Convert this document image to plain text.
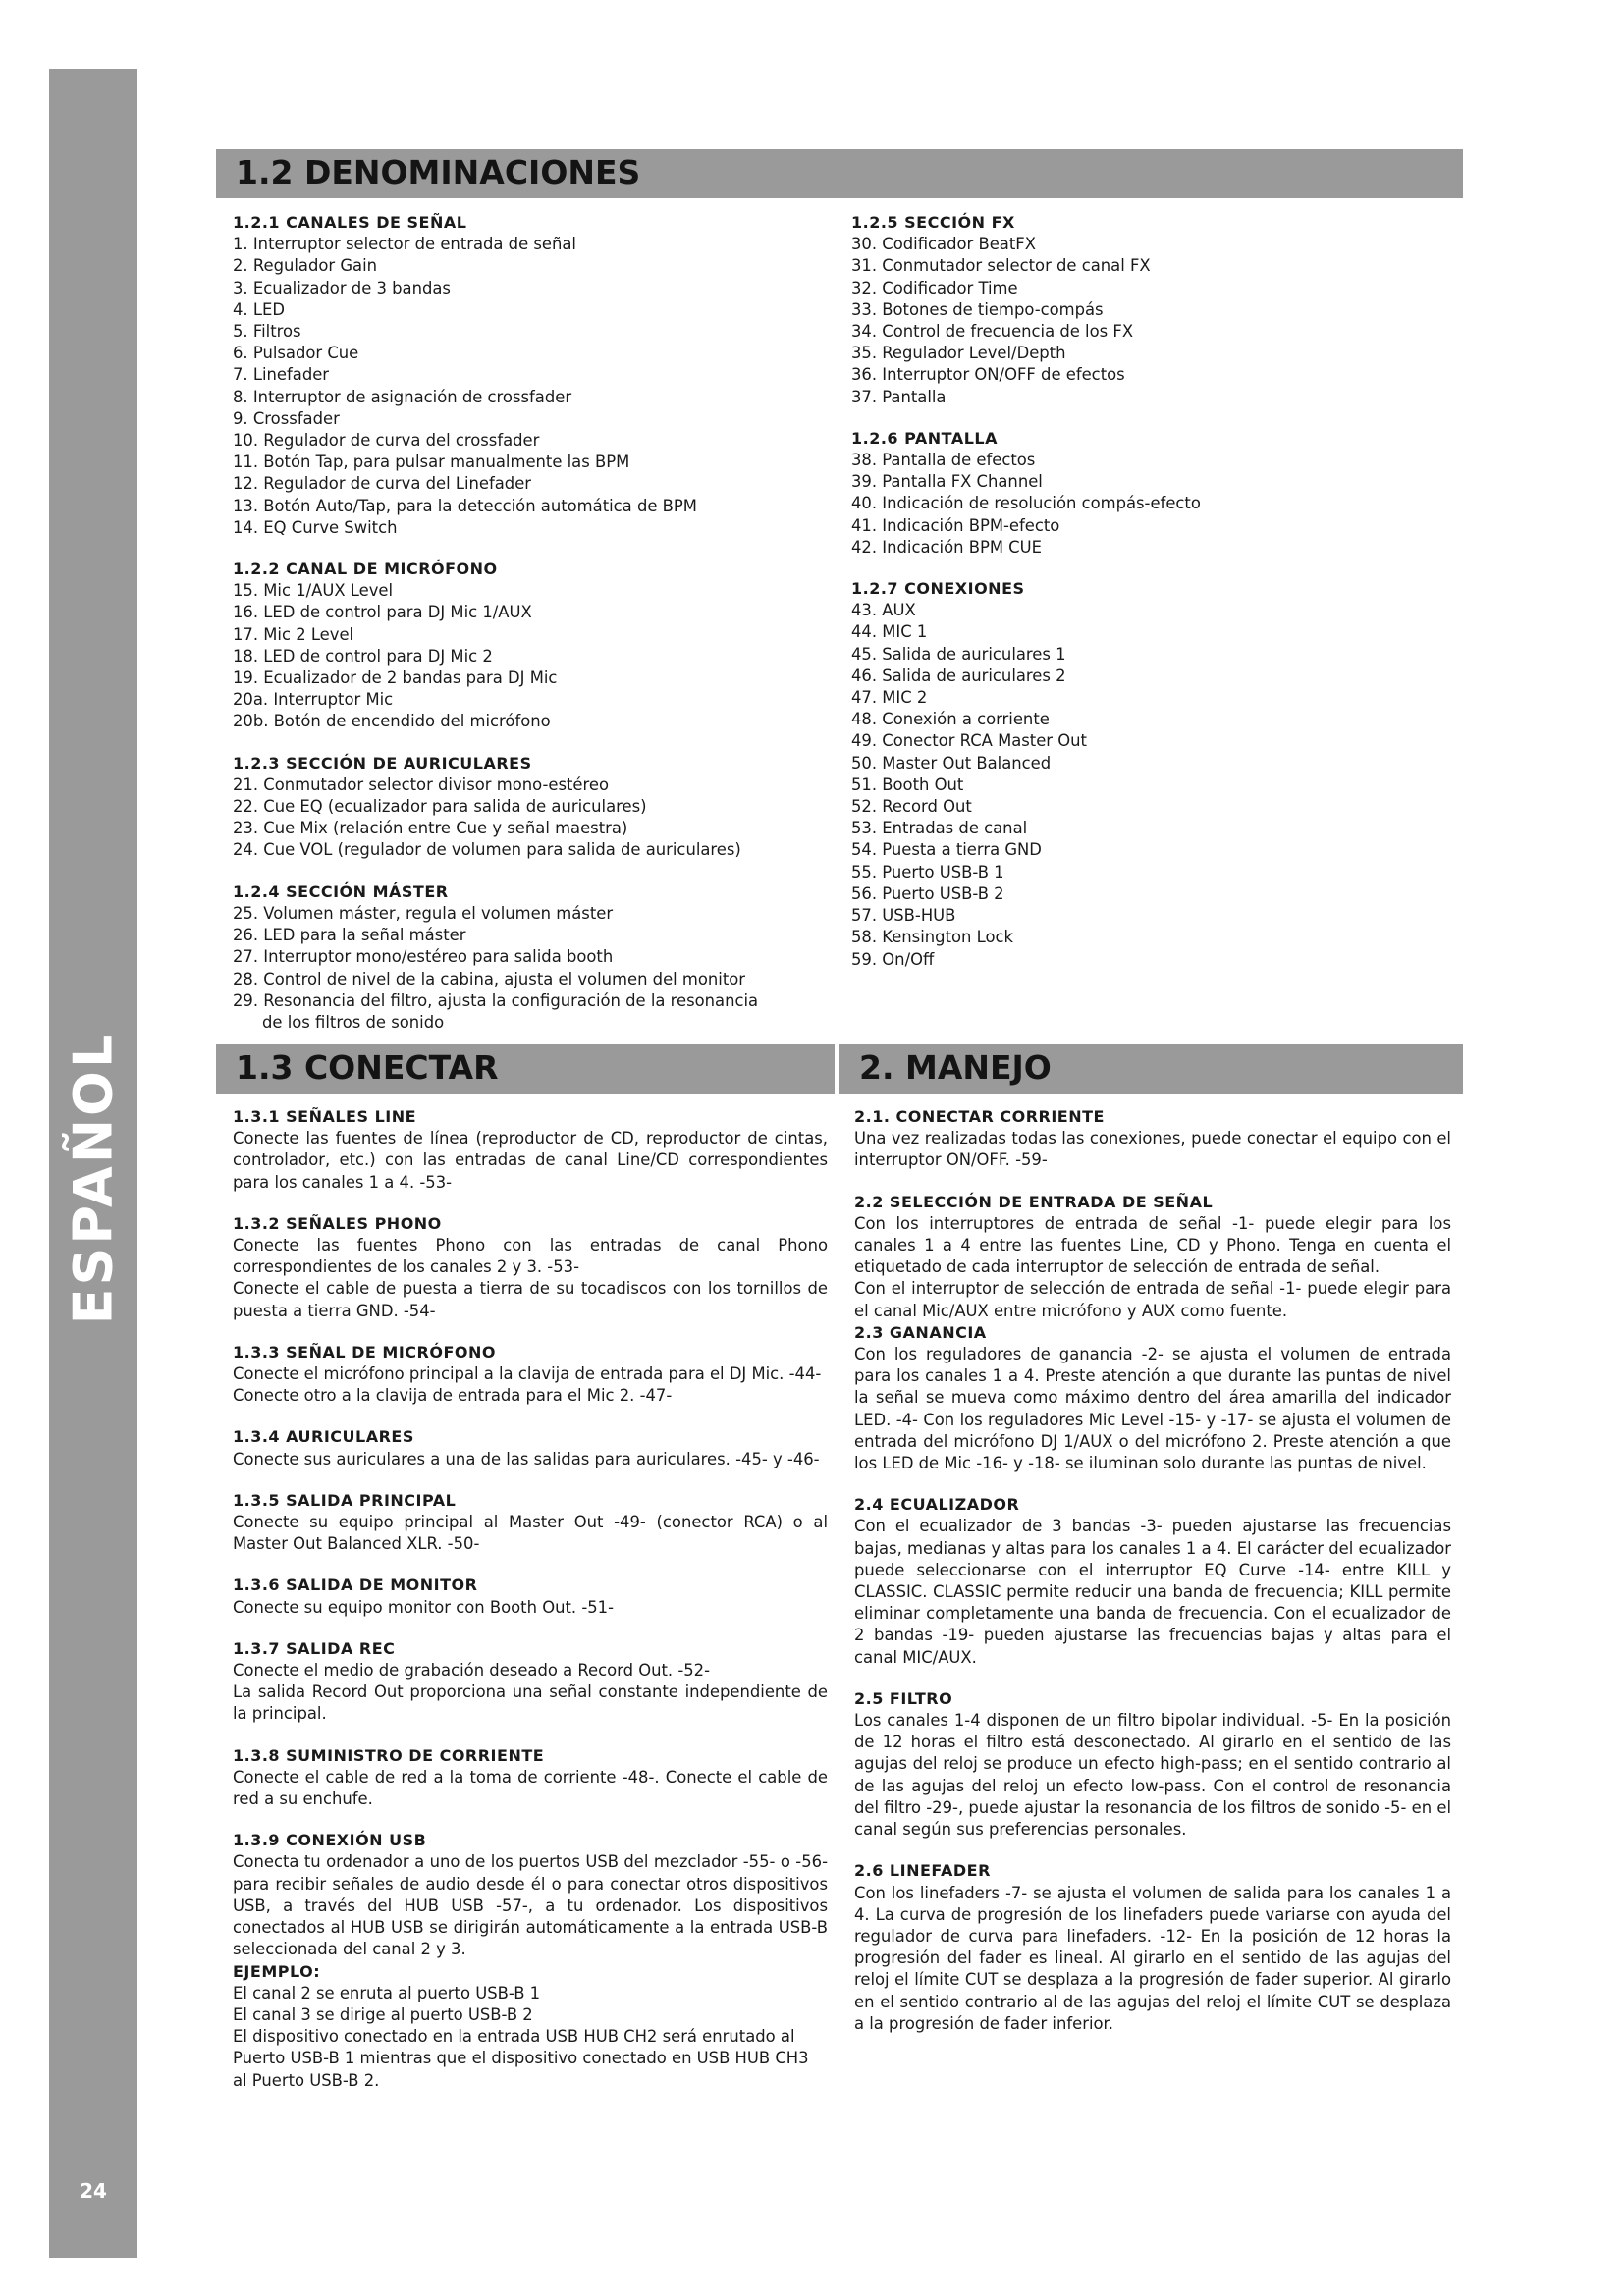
ESPAÑOL
24
1.2 DENOMINACIONES
1.2.1 CANALES DE SEÑAL
1. Interruptor selector de entrada de señal
2. Regulador Gain
3. Ecualizador de 3 bandas
4. LED
5. Filtros
6. Pulsador Cue
7. Linefader
8. Interruptor de asignación de crossfader
9. Crossfader
10. Regulador de curva del crossfader
11. Botón Tap, para pulsar manualmente las BPM
12. Regulador de curva del Linefader
13. Botón Auto/Tap, para la detección automática de BPM
14. EQ Curve Switch
1.2.2 CANAL DE MICRÓFONO
15. Mic 1/AUX Level
16. LED de control para DJ Mic 1/AUX
17. Mic 2 Level
18. LED de control para DJ Mic 2
19. Ecualizador de 2 bandas para DJ Mic
20a. Interruptor Mic
20b. Botón de encendido del micrófono
1.2.3 SECCIÓN DE AURICULARES
21. Conmutador selector divisor mono-estéreo
22. Cue EQ (ecualizador para salida de auriculares)
23. Cue Mix (relación entre Cue y señal maestra)
24. Cue VOL (regulador de volumen para salida de auriculares)
1.2.4 SECCIÓN MÁSTER
25. Volumen máster, regula el volumen máster
26. LED para la señal máster
27. Interruptor mono/estéreo para salida booth
28. Control de nivel de la cabina, ajusta el volumen del monitor
29. Resonancia del filtro, ajusta la configuración de la resonancia
de los filtros de sonido
1.2.5 SECCIÓN FX
30. Codificador BeatFX
31. Conmutador selector de canal FX
32. Codificador Time
33. Botones de tiempo-compás
34. Control de frecuencia de los FX
35. Regulador Level/Depth
36. Interruptor ON/OFF de efectos
37. Pantalla
1.2.6 PANTALLA
38. Pantalla de efectos
39. Pantalla FX Channel
40. Indicación de resolución compás-efecto
41. Indicación BPM-efecto
42. Indicación BPM CUE
1.2.7 CONEXIONES
43. AUX
44. MIC 1
45. Salida de auriculares 1
46. Salida de auriculares 2
47. MIC 2
48. Conexión a corriente
49. Conector RCA Master Out
50. Master Out Balanced
51. Booth Out
52. Record Out
53. Entradas de canal
54. Puesta a tierra GND
55. Puerto USB-B 1
56. Puerto USB-B 2
57. USB-HUB
58. Kensington Lock
59. On/Off
1.3 CONECTAR	2. MANEJO
1.3.1 SEÑALES LINE

Conecte las fuentes de línea (reproductor de CD, reproductor de cintas, controlador, etc.) con las entradas de canal Line/CD correspondientes para los canales 1 a 4. -53-

1.3.2 SEÑALES PHONO

Conecte las fuentes Phono con las entradas de canal Phono correspondientes de los canales 2 y 3. -53-

Conecte el cable de puesta a tierra de su tocadiscos con los tornillos de puesta a tierra GND. -54-

1.3.3 SEÑAL DE MICRÓFONO

Conecte el micrófono principal a la clavija de entrada para el DJ Mic. -44-

Conecte otro a la clavija de entrada para el Mic 2. -47-

1.3.4 AURICULARES

Conecte sus auriculares a una de las salidas para auriculares. -45- y -46-

1.3.5 SALIDA PRINCIPAL

Conecte su equipo principal al Master Out -49- (conector RCA) o al Master Out Balanced XLR. -50-

1.3.6 SALIDA DE MONITOR

Conecte su equipo monitor con Booth Out. -51-

1.3.7 SALIDA REC

Conecte el medio de grabación deseado a Record Out. -52-

La salida Record Out proporciona una señal constante independiente de la principal.

1.3.8 SUMINISTRO DE CORRIENTE

Conecte el cable de red a la toma de corriente -48-. Conecte el cable de red a su enchufe.

1.3.9 CONEXIÓN USB

Conecta tu ordenador a uno de los puertos USB del mezclador -55- o -56- para recibir señales de audio desde él o para conectar otros dispositivos USB, a través del HUB USB -57-, a tu ordenador. Los dispositivos conectados al HUB USB se dirigirán automáticamente a la entrada USB-B seleccionada del canal 2 y 3.

EJEMPLO:
El canal 2 se enruta al puerto USB-B 1
El canal 3 se dirige al puerto USB-B 2
El dispositivo conectado en la entrada USB HUB CH2 será enrutado al Puerto USB-B 1 mientras que el dispositivo conectado en USB HUB CH3 al Puerto USB-B 2.
2.1. CONECTAR CORRIENTE

Una vez realizadas todas las conexiones, puede conectar el equipo con el interruptor ON/OFF. -59-

2.2 SELECCIÓN DE ENTRADA DE SEÑAL

Con los interruptores de entrada de señal -1- puede elegir para los canales 1 a 4 entre las fuentes Line, CD y Phono. Tenga en cuenta el etiquetado de cada interruptor de selección de entrada de señal.

Con el interruptor de selección de entrada de señal -1- puede elegir para el canal Mic/AUX entre micrófono y AUX como fuente.

2.3 GANANCIA

Con los reguladores de ganancia -2- se ajusta el volumen de entrada para los canales 1 a 4. Preste atención a que durante las puntas de nivel la señal se mueva como máximo dentro del área amarilla del indicador LED. -4- Con los reguladores Mic Level -15- y -17- se ajusta el volumen de entrada del micrófono DJ 1/AUX o del micrófono 2. Preste atención a que los LED de Mic -16- y -18- se iluminan solo durante las puntas de nivel.

2.4 ECUALIZADOR

Con el ecualizador de 3 bandas -3- pueden ajustarse las frecuencias bajas, medianas y altas para los canales 1 a 4. El carácter del ecualizador puede seleccionarse con el interruptor EQ Curve -14- entre KILL y CLASSIC. CLASSIC permite reducir una banda de frecuencia; KILL permite eliminar completamente una banda de frecuencia. Con el ecualizador de 2 bandas -19- pueden ajustarse las frecuencias bajas y altas para el canal MIC/AUX.

2.5 FILTRO

Los canales 1-4 disponen de un filtro bipolar individual. -5- En la posición de 12 horas el filtro está desconectado. Al girarlo en el sentido de las agujas del reloj se produce un efecto high-pass; en el sentido contrario al de las agujas del reloj un efecto low-pass. Con el control de resonancia del filtro -29-, puede ajustar la resonancia de los filtros de sonido -5- en el canal según sus preferencias personales.

2.6 LINEFADER

Con los linefaders -7- se ajusta el volumen de salida para los canales 1 a 4. La curva de progresión de los linefaders puede variarse con ayuda del regulador de curva para linefaders. -12- En la posición de 12 horas la progresión del fader es lineal. Al girarlo en el sentido de las agujas del reloj el límite CUT se desplaza a la progresión de fader superior. Al girarlo en el sentido contrario al de las agujas del reloj el límite CUT se desplaza a la progresión de fader inferior.
